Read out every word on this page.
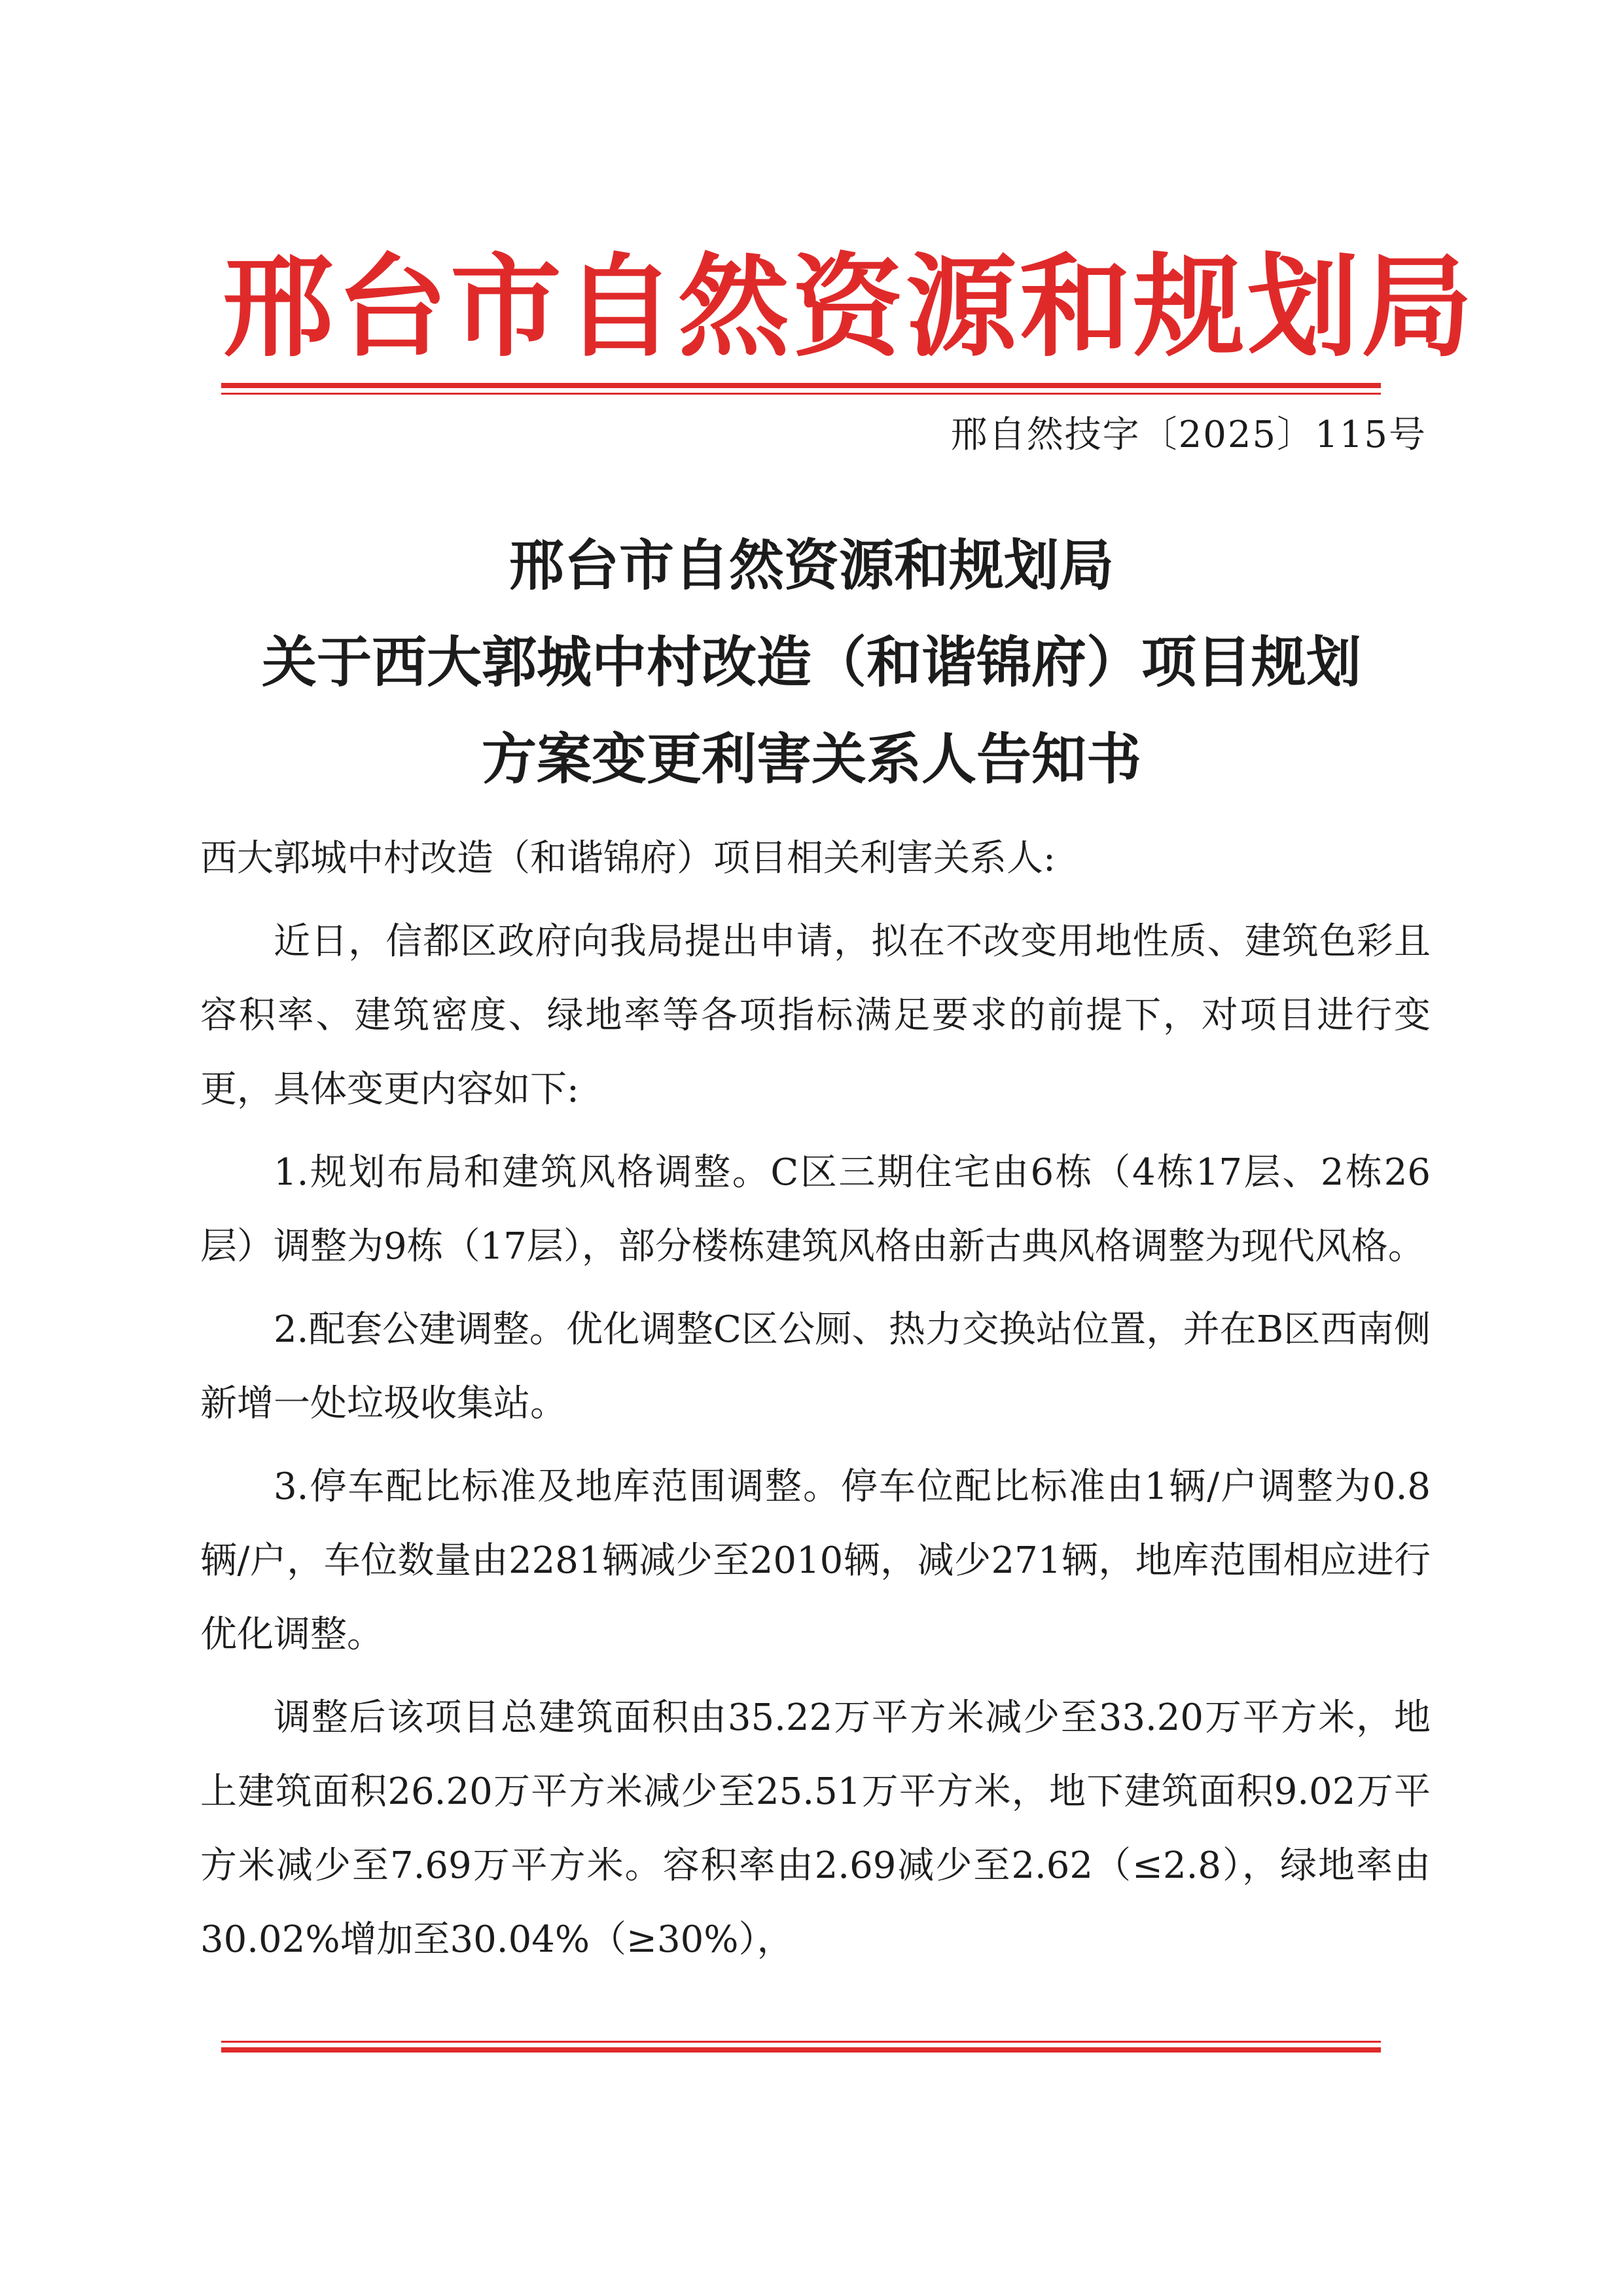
邢台市自然资源和规划局
邢自然技字〔2025〕115号
邢台市自然资源和规划局
关于西大郭城中村改造（和谐锦府）项目规划
方案变更利害关系人告知书

西大郭城中村改造（和谐锦府）项目相关利害关系人:

近日，信都区政府向我局提出申请，拟在不改变用地性质、建筑色彩且容积率、建筑密度、绿地率等各项指标满足要求的前提下，对项目进行变更，具体变更内容如下:

1.规划布局和建筑风格调整。C区三期住宅由6栋（4栋17层、2栋26层）调整为9栋（17层），部分楼栋建筑风格由新古典风格调整为现代风格。

2.配套公建调整。优化调整C区公厕、热力交换站位置，并在B区西南侧新增一处垃圾收集站。

3.停车配比标准及地库范围调整。停车位配比标准由1辆/户调整为0.8辆/户，车位数量由2281辆减少至2010辆，减少271辆，地库范围相应进行优化调整。

调整后该项目总建筑面积由35.22万平方米减少至33.20万平方米，地上建筑面积26.20万平方米减少至25.51万平方米，地下建筑面积9.02万平方米减少至7.69万平方米。容积率由2.69减少至2.62（≤2.8），绿地率由30.02%增加至30.04%（≥30%），
